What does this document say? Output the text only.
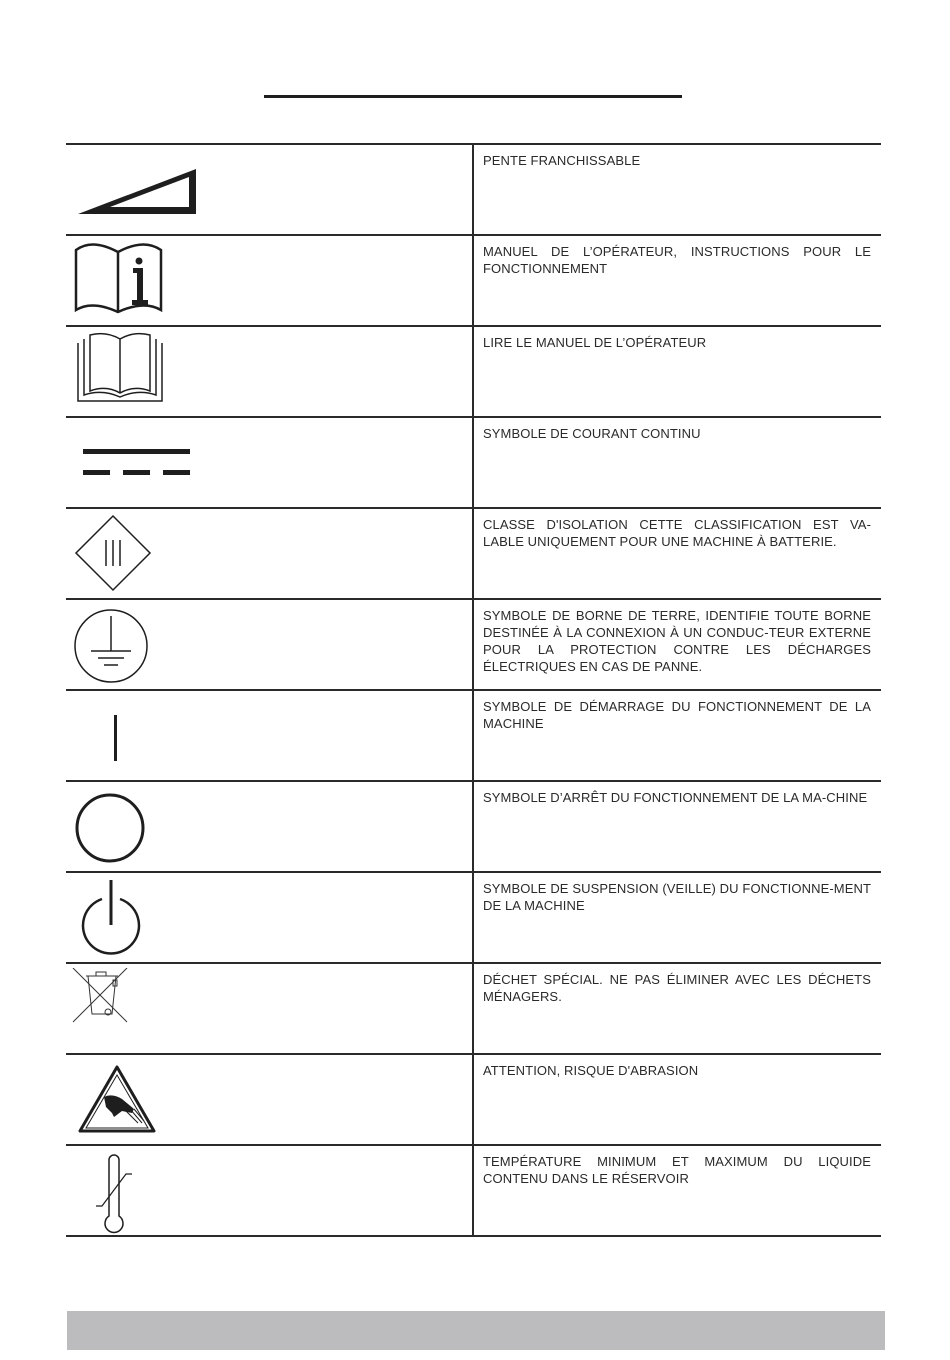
PENTE FRANCHISSABLE
MANUEL DE L’OPÉRATEUR, INSTRUCTIONS POUR LE FONCTIONNEMENT
LIRE LE MANUEL DE L’OPÉRATEUR
SYMBOLE DE COURANT CONTINU
CLASSE D'ISOLATION CETTE CLASSIFICATION EST VA-LABLE UNIQUEMENT POUR UNE MACHINE À BATTERIE.
SYMBOLE DE BORNE DE TERRE, IDENTIFIE TOUTE BORNE DESTINÉE À LA CONNEXION À UN CONDUC-TEUR EXTERNE POUR LA PROTECTION CONTRE LES DÉCHARGES ÉLECTRIQUES EN CAS DE PANNE.
SYMBOLE DE DÉMARRAGE DU FONCTIONNEMENT DE LA MACHINE
SYMBOLE D’ARRÊT DU FONCTIONNEMENT DE LA MA-CHINE
SYMBOLE DE SUSPENSION (VEILLE) DU FONCTIONNE-MENT DE LA MACHINE
DÉCHET SPÉCIAL. NE PAS ÉLIMINER AVEC LES DÉCHETS MÉNAGERS.
ATTENTION, RISQUE D'ABRASION
TEMPÉRATURE MINIMUM ET MAXIMUM DU LIQUIDE CONTENU DANS LE RÉSERVOIR
